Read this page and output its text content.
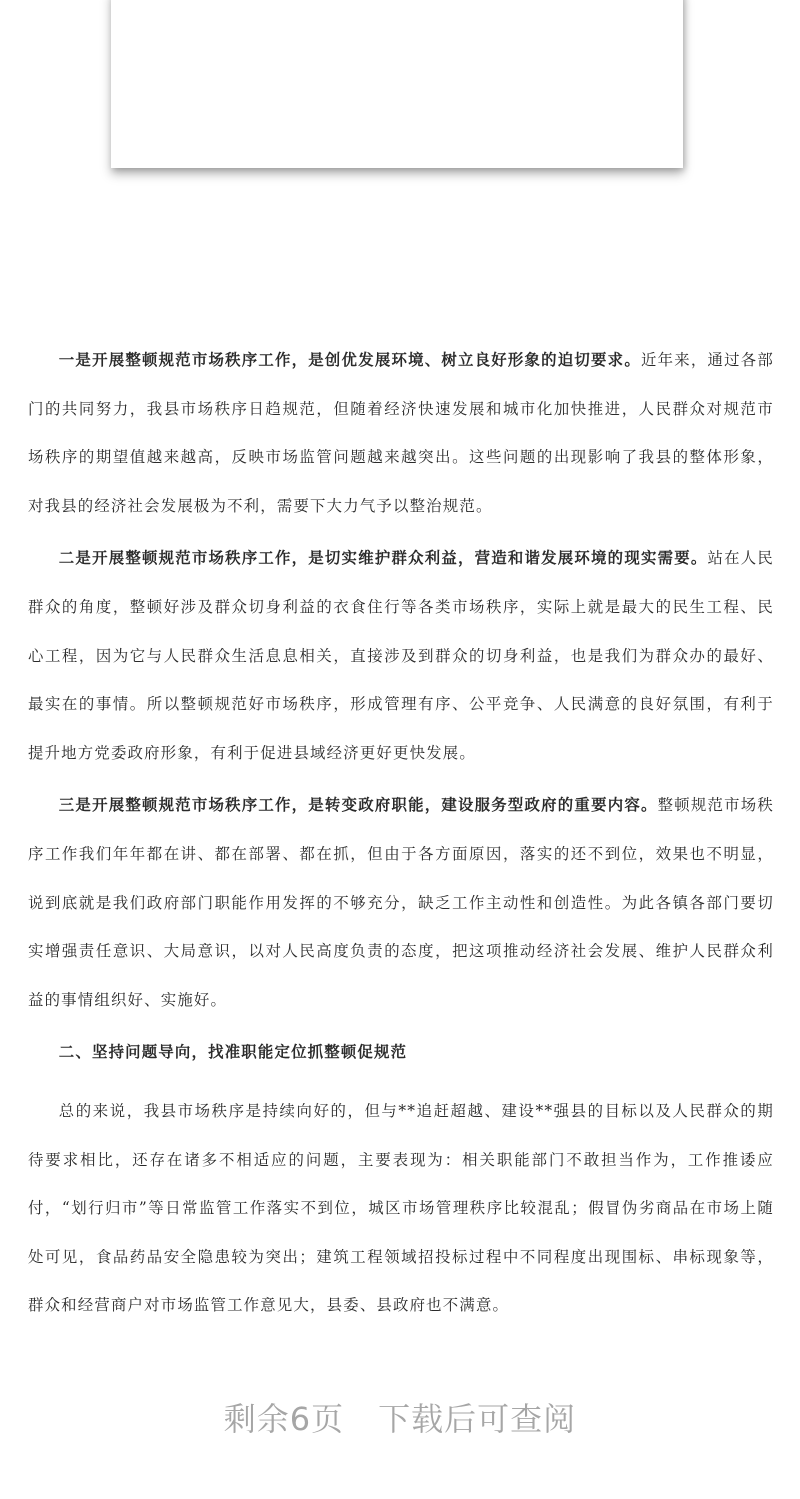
一是开展整顿规范市场秩序工作，是创优发展环境、树立良好形象的迫切要求。近年来，通过各部门的共同努力，我县市场秩序日趋规范，但随着经济快速发展和城市化加快推进，人民群众对规范市场秩序的期望值越来越高，反映市场监管问题越来越突出。这些问题的出现影响了我县的整体形象，对我县的经济社会发展极为不利，需要下大力气予以整治规范。

二是开展整顿规范市场秩序工作，是切实维护群众利益，营造和谐发展环境的现实需要。站在人民群众的角度，整顿好涉及群众切身利益的衣食住行等各类市场秩序，实际上就是最大的民生工程、民心工程，因为它与人民群众生活息息相关，直接涉及到群众的切身利益，也是我们为群众办的最好、最实在的事情。所以整顿规范好市场秩序，形成管理有序、公平竞争、人民满意的良好氛围，有利于提升地方党委政府形象，有利于促进县域经济更好更快发展。

三是开展整顿规范市场秩序工作，是转变政府职能，建设服务型政府的重要内容。整顿规范市场秩序工作我们年年都在讲、都在部署、都在抓，但由于各方面原因，落实的还不到位，效果也不明显，说到底就是我们政府部门职能作用发挥的不够充分，缺乏工作主动性和创造性。为此各镇各部门要切实增强责任意识、大局意识，以对人民高度负责的态度，把这项推动经济社会发展、维护人民群众利益的事情组织好、实施好。

二、坚持问题导向，找准职能定位抓整顿促规范

总的来说，我县市场秩序是持续向好的，但与**追赶超越、建设**强县的目标以及人民群众的期待要求相比，还存在诸多不相适应的问题，主要表现为：相关职能部门不敢担当作为，工作推诿应付，“划行归市”等日常监管工作落实不到位，城区市场管理秩序比较混乱；假冒伪劣商品在市场上随处可见，食品药品安全隐患较为突出；建筑工程领域招投标过程中不同程度出现围标、串标现象等，群众和经营商户对市场监管工作意见大，县委、县政府也不满意。

剩余6页 下载后可查阅
